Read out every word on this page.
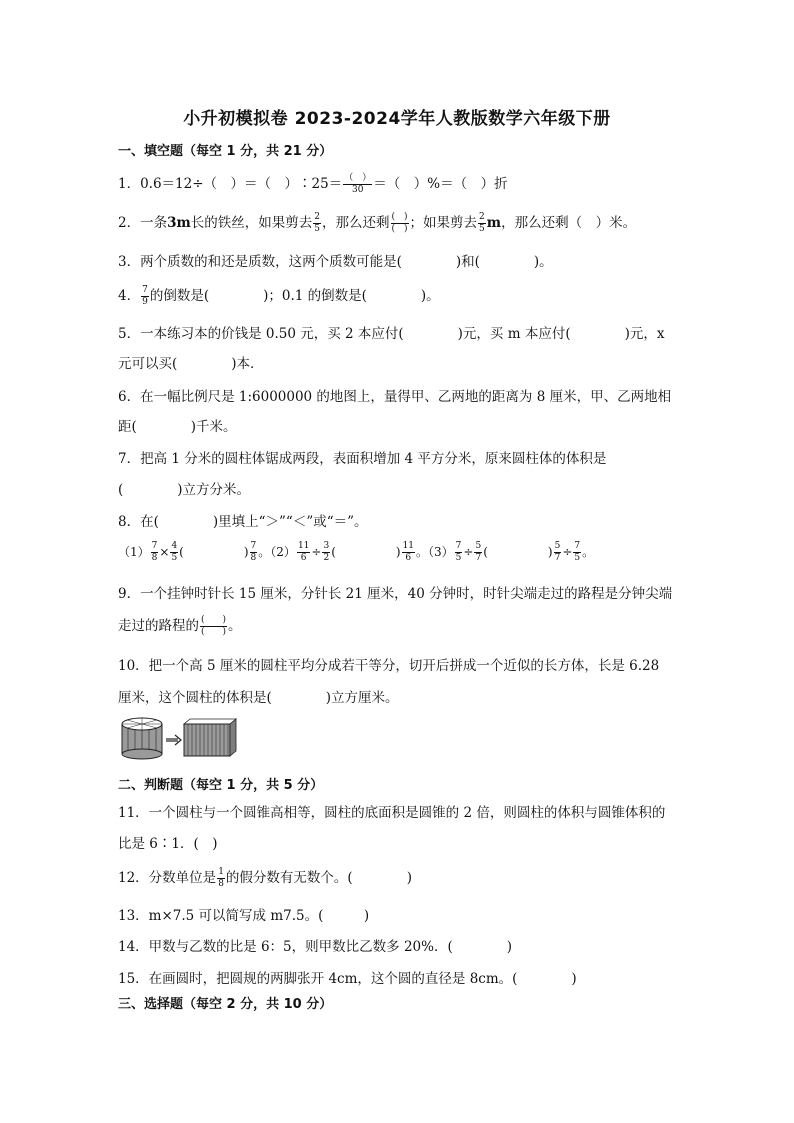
小升初模拟卷 2023-2024学年人教版数学六年级下册
一、填空题（每空 1 分，共 21 分）
1．0.6＝12÷（　）＝（　）∶25＝ （　）
30 ＝（　）%＝（　）折
2．一条3m长的铁丝，如果剪去 $\frac{2}{5}$ ，那么还剩 (　)
(　) ；如果剪去 $\frac{2}{5}$ m，那么还剩（　）米。
3．两个质数的和还是质数，这两个质数可能是(　　　　)和(　　　　)。
4． $\frac{7}{9}$ 的倒数是(　　　　)；0.1 的倒数是(　　　　)。
5．一本练习本的价钱是 0.50 元，买 2 本应付(　　　　)元，买 m 本应付(　　　　)元，x
元可以买(　　　　)本．
6．在一幅比例尺是 1:6000000 的地图上，量得甲、乙两地的距离为 8 厘米，甲、乙两地相
距(　　　　)千米。
7．把高 1 分米的圆柱体锯成两段，表面积增加 4 平方分米，原来圆柱体的体积是
(　　　　)立方分米。
8．在(　　　　)里填上“＞”“＜”或“＝”。
$(1) \frac{7}{8} \times \frac{4}{5}$ (　　　　　) $\frac{7}{8}$ 。$(2) \frac{11}{6} \div \frac{3}{2}$ (　　　　　) $\frac{11}{6}$ 。$(3) \frac{7}{5} \div \frac{5}{7}$ (　　　　　) $\frac{5}{7} \div \frac{7}{5}$ 。
9．一个挂钟时针长 15 厘米，分针长 21 厘米，40 分钟时，时针尖端走过的路程是分钟尖端
走过的路程的 (　　)
(　　) 。
10．把一个高 5 厘米的圆柱平均分成若干等分，切开后拼成一个近似的长方体，长是 6.28
厘米，这个圆柱的体积是(　　　　)立方厘米。
二、判断题（每空 1 分，共 5 分）
11．一个圆柱与一个圆锥高相等，圆柱的底面积是圆锥的 2 倍，则圆柱的体积与圆锥体积的
比是 6∶1．(　)
12．分数单位是 $\frac{1}{8}$ 的假分数有无数个。(　　　　)
13．m×7.5 可以简写成 m7.5。(　　　)
14．甲数与乙数的比是 6：5，则甲数比乙数多 20%．(　　　　)
15．在画圆时，把圆规的两脚张开 4cm，这个圆的直径是 8cm。(　　　　)
三、选择题（每空 2 分，共 10 分）
